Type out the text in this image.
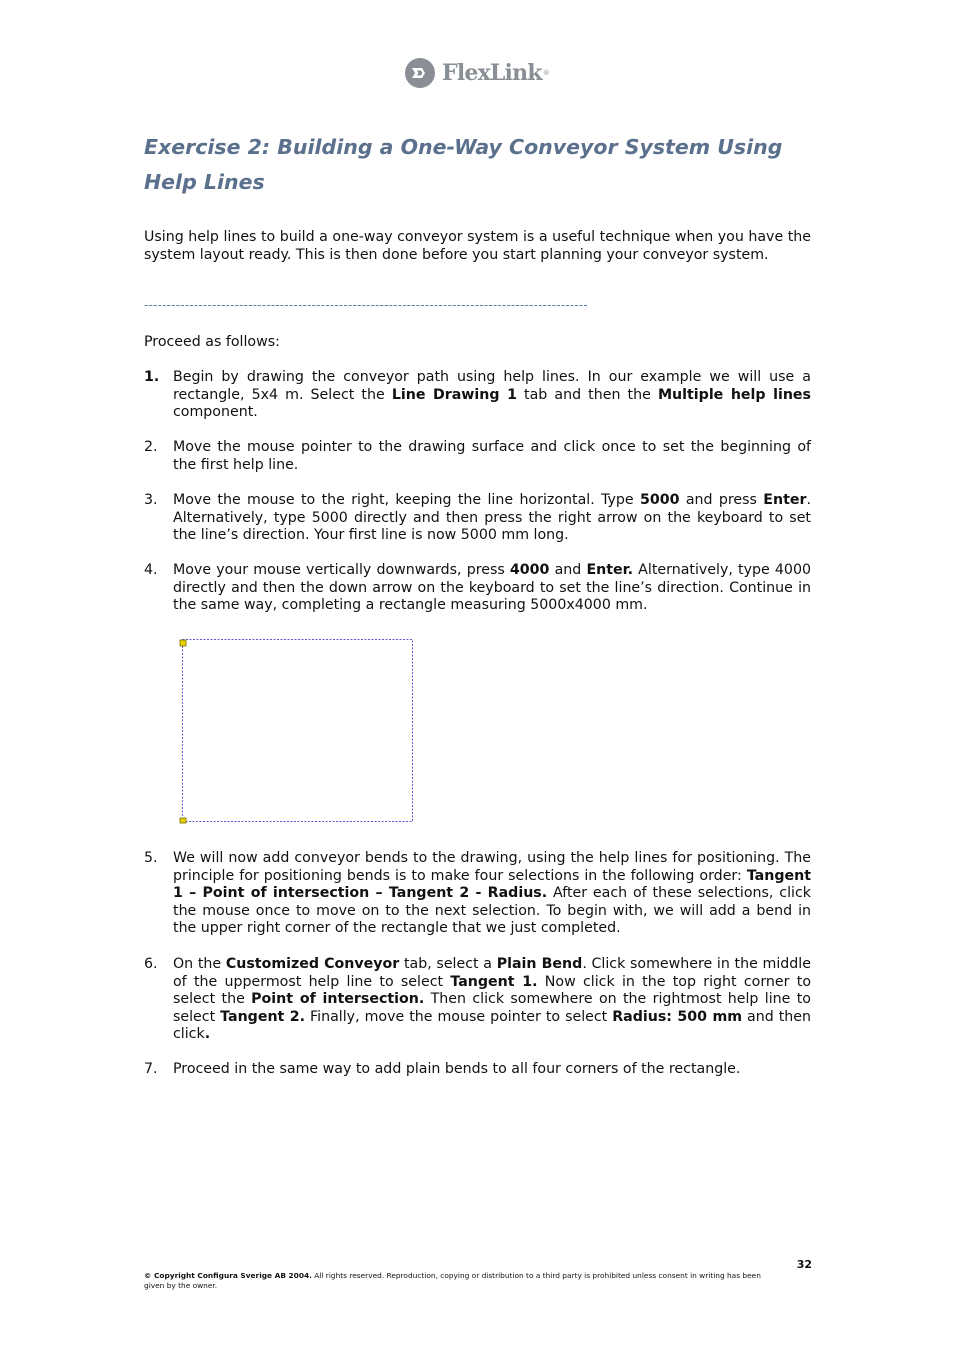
FlexLink ®
Exercise 2: Building a One-Way Conveyor System Using Help Lines

Using help lines to build a one-way conveyor system is a useful technique when you have the system layout ready. This is then done before you start planning your conveyor system.

--------------------------------------------------------------------------------------------------

Proceed as follows:

1. Begin by drawing the conveyor path using help lines. In our example we will use a rectangle, 5x4 m. Select the Line Drawing 1 tab and then the Multiple help lines component.
2.	Move the mouse pointer to the drawing surface and click once to set the beginning of the first help line.
3.	Move the mouse to the right, keeping the line horizontal. Type 5000 and press Enter. Alternatively, type 5000 directly and then press the right arrow on the keyboard to set the line’s direction. Your first line is now 5000 mm long.
4.	Move your mouse vertically downwards, press 4000 and Enter. Alternatively, type 4000 directly and then the down arrow on the keyboard to set the line’s direction. Continue in the same way, completing a rectangle measuring 5000x4000 mm.
5.	We will now add conveyor bends to the drawing, using the help lines for positioning. The principle for positioning bends is to make four selections in the following order: Tangent 1 – Point of intersection – Tangent 2 - Radius. After each of these selections, click the mouse once to move on to the next selection. To begin with, we will add a bend in the upper right corner of the rectangle that we just completed.
6.	On the Customized Conveyor tab, select a Plain Bend. Click somewhere in the middle of the uppermost help line to select Tangent 1. Now click in the top right corner to select the Point of intersection. Then click somewhere on the rightmost help line to select Tangent 2. Finally, move the mouse pointer to select Radius: 500 mm and then click.
7.	Proceed in the same way to add plain bends to all four corners of the rectangle.
32
© Copyright Configura Sverige AB 2004. All rights reserved. Reproduction, copying or distribution to a third party is prohibited unless consent in writing has been given by the owner.
